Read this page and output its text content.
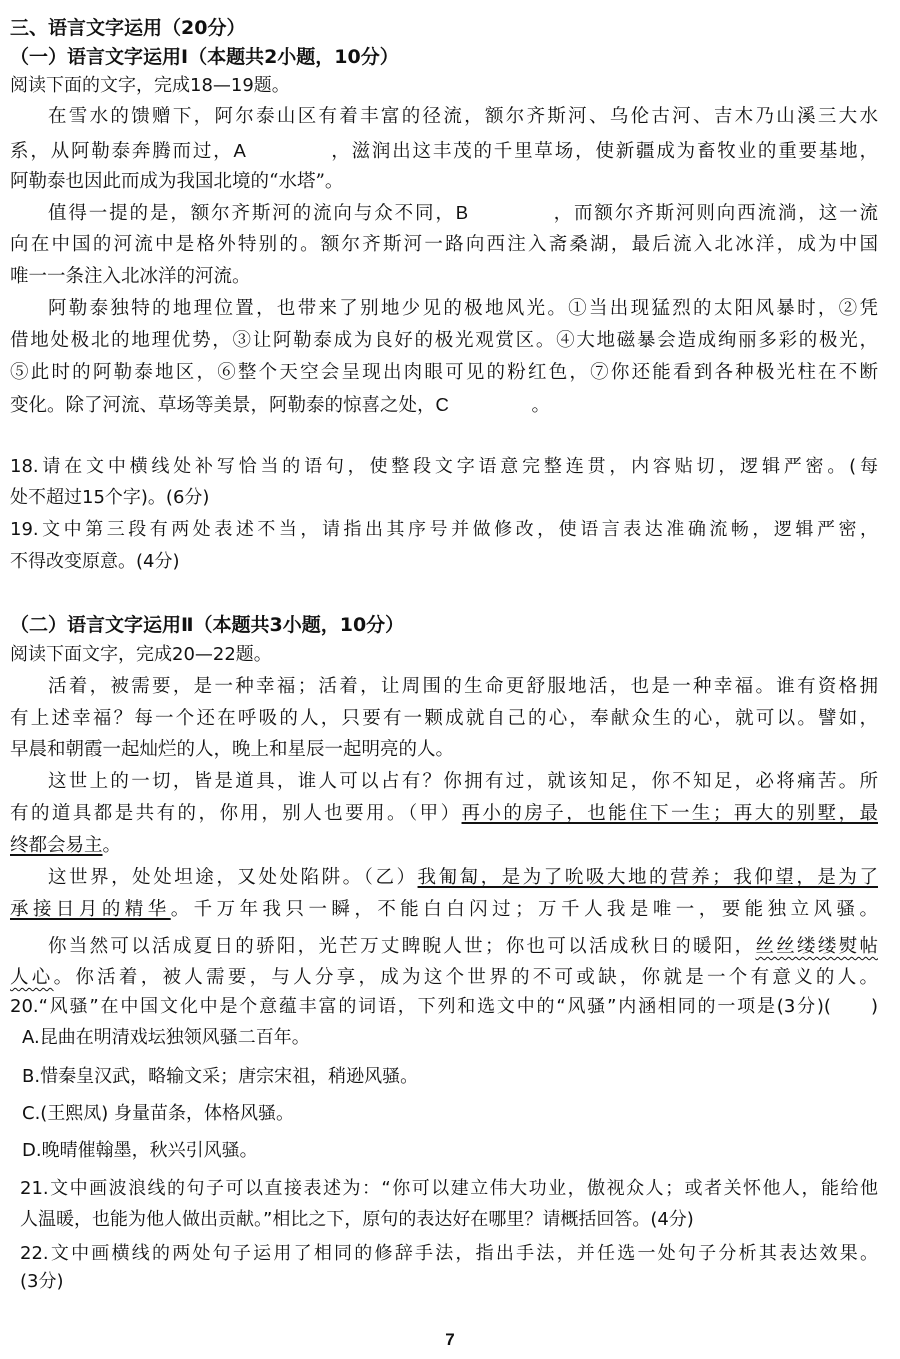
三、语言文字运用（20分）
（一）语言文字运用Ⅰ（本题共2小题，10分）
阅读下面的文字，完成18—19题。
在雪水的馈赠下，阿尔泰山区有着丰富的径流，额尔齐斯河、乌伦古河、吉木乃山溪三大水
系，从阿勒泰奔腾而过，A	，滋润出这丰茂的千里草场，使新疆成为畜牧业的重要基地，
阿勒泰也因此而成为我国北境的“水塔”。
值得一提的是，额尔齐斯河的流向与众不同，B	，而额尔齐斯河则向西流淌，这一流
向在中国的河流中是格外特别的。额尔齐斯河一路向西注入斋桑湖，最后流入北冰洋，成为中国
唯一一条注入北冰洋的河流。
阿勒泰独特的地理位置，也带来了别地少见的极地风光。①当出现猛烈的太阳风暴时，②凭
借地处极北的地理优势，③让阿勒泰成为良好的极光观赏区。④大地磁暴会造成绚丽多彩的极光，
⑤此时的阿勒泰地区，⑥整个天空会呈现出肉眼可见的粉红色，⑦你还能看到各种极光柱在不断
变化。除了河流、草场等美景，阿勒泰的惊喜之处，C	。
18.请在文中横线处补写恰当的语句，使整段文字语意完整连贯，内容贴切，逻辑严密。(每
处不超过15个字)。(6分)
19.文中第三段有两处表述不当，请指出其序号并做修改，使语言表达准确流畅，逻辑严密，
不得改变原意。(4分)
（二）语言文字运用Ⅱ（本题共3小题，10分）
阅读下面文字，完成20—22题。
活着，被需要，是一种幸福；活着，让周围的生命更舒服地活，也是一种幸福。谁有资格拥
有上述幸福？每一个还在呼吸的人，只要有一颗成就自己的心，奉献众生的心，就可以。譬如，
早晨和朝霞一起灿烂的人，晚上和星辰一起明亮的人。
这世上的一切，皆是道具，谁人可以占有？你拥有过，就该知足，你不知足，必将痛苦。所
有的道具都是共有的，你用，别人也要用。（甲）再小的房子，也能住下一生；再大的别墅，最
终都会易主。
这世界，处处坦途，又处处陷阱。（乙）我匍匐，是为了吮吸大地的营养；我仰望，是为了
承接日月的精华。千万年我只一瞬，不能白白闪过；万千人我是唯一，要能独立风骚。
你当然可以活成夏日的骄阳，光芒万丈睥睨人世；你也可以活成秋日的暖阳，丝丝缕缕熨帖
人心。你活着，被人需要，与人分享，成为这个世界的不可或缺，你就是一个有意义的人。
20.“风骚”在中国文化中是个意蕴丰富的词语，下列和选文中的“风骚”内涵相同的一项是(3分)( )
A.昆曲在明清戏坛独领风骚二百年。
B.惜秦皇汉武，略输文采；唐宗宋祖，稍逊风骚。
C.(王熙凤) 身量苗条，体格风骚。
D.晚晴催翰墨，秋兴引风骚。
21.文中画波浪线的句子可以直接表述为：“你可以建立伟大功业，傲视众人；或者关怀他人，能给他
人温暖，也能为他人做出贡献。”相比之下，原句的表达好在哪里？请概括回答。(4分)
22.文中画横线的两处句子运用了相同的修辞手法，指出手法，并任选一处句子分析其表达效果。
(3分)
7
